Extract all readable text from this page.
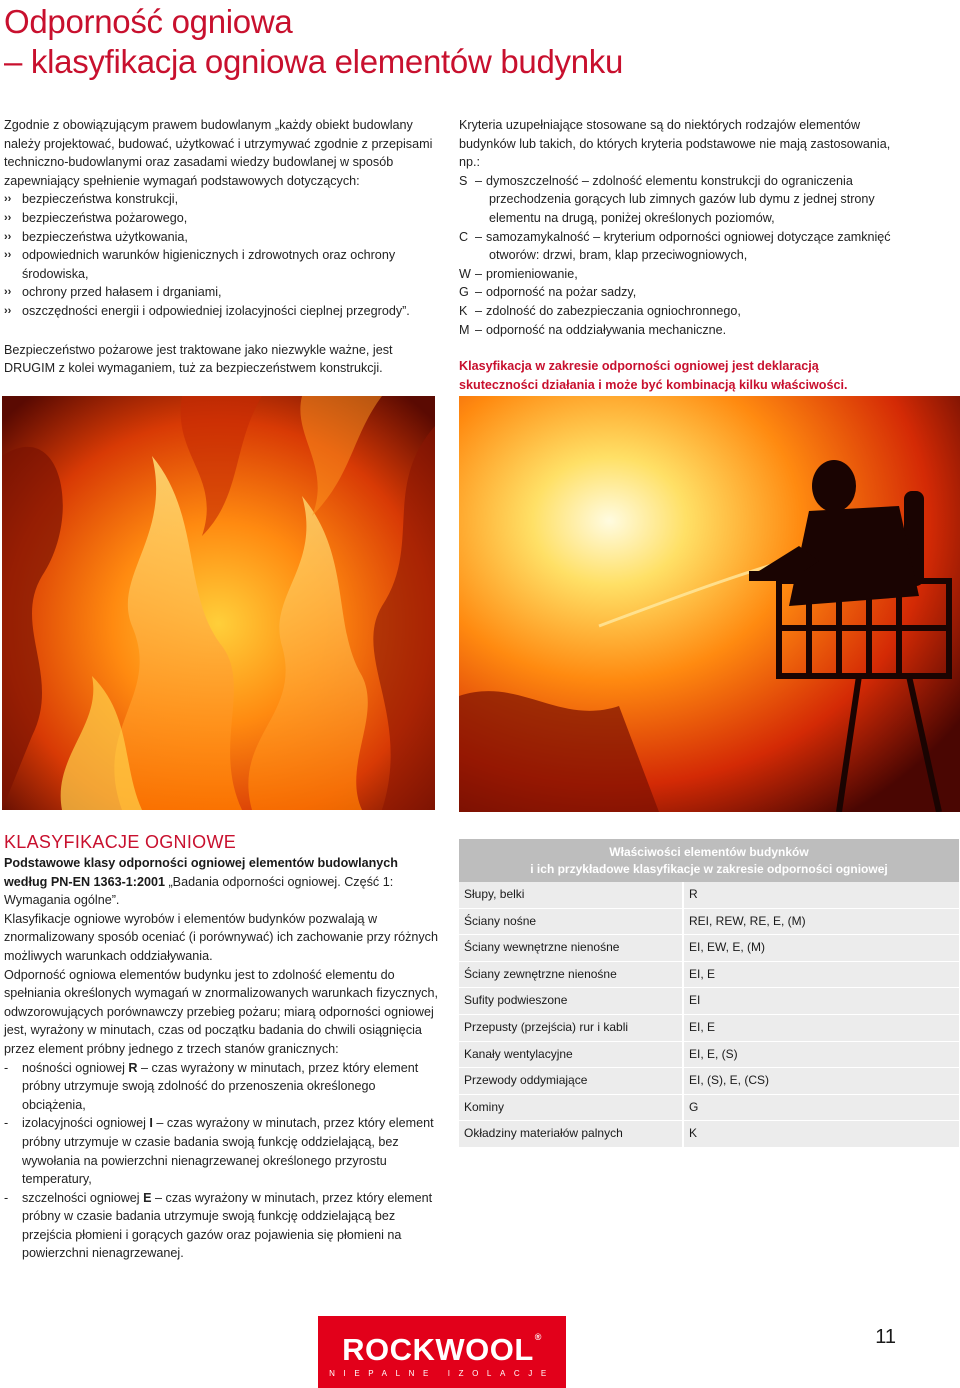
Odporność ogniowa
– klasyfikacja ogniowa elementów budynku

Zgodnie z obowiązującym prawem budowlanym „każdy obiekt budowlany należy projektować, budować, użytkować i utrzymywać zgodnie z przepisami techniczno-budowlanymi oraz zasadami wiedzy budowlanej w sposób zapewniający spełnienie wymagań podstawowych dotyczących:

›› bezpieczeństwa konstrukcji,
›› bezpieczeństwa pożarowego,
›› bezpieczeństwa użytkowania,
›› odpowiednich warunków higienicznych i zdrowotnych oraz ochrony środowiska,
›› ochrony przed hałasem i drganiami,
›› oszczędności energii i odpowiedniej izolacyjności cieplnej przegrody”.

Bezpieczeństwo pożarowe jest traktowane jako niezwykle ważne, jest DRUGIM z kolei wymaganiem, tuż za bezpieczeństwem konstrukcji.

Kryteria uzupełniające stosowane są do niektórych rodzajów elementów budynków lub takich, do których kryteria podstawowe nie mają zastosowania, np.:

S – dymoszczelność – zdolność elementu konstrukcji do ograniczenia przechodzenia gorących lub zimnych gazów lub dymu z jednej strony elementu na drugą, poniżej określonych poziomów,
C – samozamykalność – kryterium odporności ogniowej dotyczące zamknięć otworów: drzwi, bram, klap przeciwogniowych,
W – promieniowanie,
G – odporność na pożar sadzy,
K – zdolność do zabezpieczania ogniochronnego,
M – odporność na oddziaływania mechaniczne.

Klasyfikacja w zakresie odporności ogniowej jest deklaracją skuteczności działania i może być kombinacją kilku właściwości.

KLASYFIKACJE OGNIOWE

Podstawowe klasy odporności ogniowej elementów budowlanych według PN-EN 1363-1:2001 „Badania odporności ogniowej. Część 1: Wymagania ogólne”.

Klasyfikacje ogniowe wyrobów i elementów budynków pozwalają w znormalizowany sposób oceniać (i porównywać) ich zachowanie przy różnych możliwych warunkach oddziaływania.

Odporność ogniowa elementów budynku jest to zdolność elementu do spełniania określonych wymagań w znormalizowanych warunkach fizycznych, odwzorowujących porównawczy przebieg pożaru; miarą odporności ogniowej jest, wyrażony w minutach, czas od początku badania do chwili osiągnięcia przez element próbny jednego z trzech stanów granicznych:

- nośności ogniowej R – czas wyrażony w minutach, przez który element próbny utrzymuje swoją zdolność do przenoszenia określonego obciążenia,
- izolacyjności ogniowej I – czas wyrażony w minutach, przez który element próbny utrzymuje w czasie badania swoją funkcję oddzielającą, bez wywołania na powierzchni nienagrzewanej określonego przyrostu temperatury,
- szczelności ogniowej E – czas wyrażony w minutach, przez który element próbny w czasie badania utrzymuje swoją funkcję oddzielającą bez przejścia płomieni i gorących gazów oraz pojawienia się płomieni na powierzchni nienagrzewanej.
Właściwości elementów budynków
i ich przykładowe klasyfikacje w zakresie odporności ogniowej
Słupy, belki	R
Ściany nośne	REI, REW, RE, E, (M)
Ściany wewnętrzne nienośne	EI, EW, E, (M)
Ściany zewnętrzne nienośne	EI, E
Sufity podwieszone	EI
Przepusty (przejścia) rur i kabli	EI, E
Kanały wentylacyjne	EI, E, (S)
Przewody oddymiające	EI, (S), E, (CS)
Kominy	G
Okładziny materiałów palnych	K
ROCKWOOL®
NIEPALNE IZOLACJE
11
